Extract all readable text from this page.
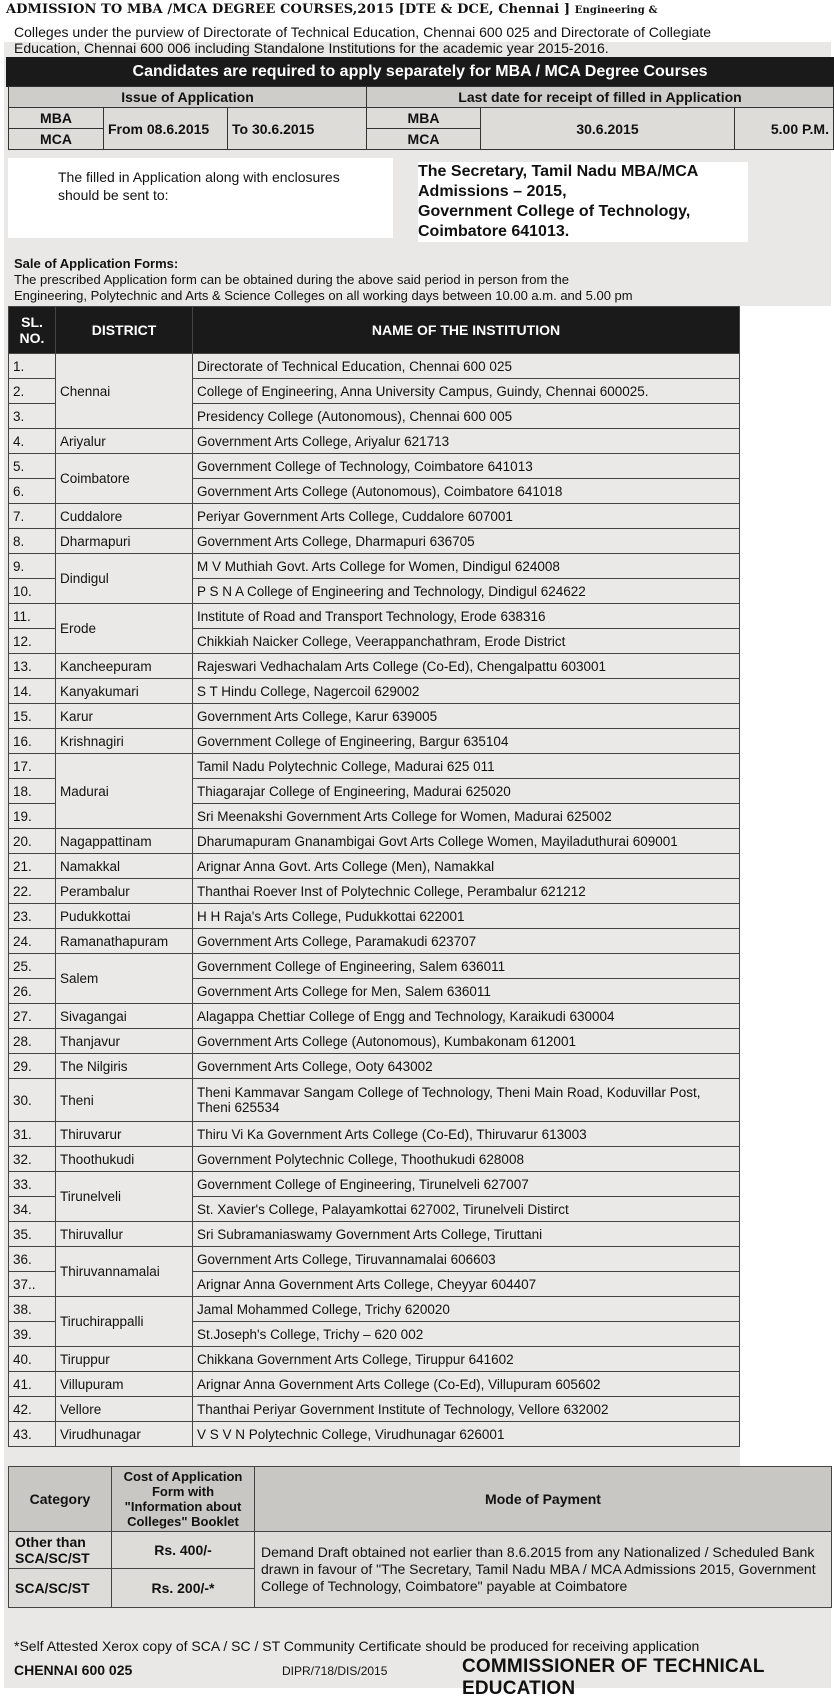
ADMISSION TO MBA /MCA DEGREE COURSES,2015 [DTE & DCE, Chennai ] Engineering &
Colleges under the purview of Directorate of Technical Education, Chennai 600 025 and Directorate of Collegiate
Education, Chennai 600 006 including Standalone Institutions for the academic year 2015-2016.
Candidates are required to apply separately for MBA / MCA Degree Courses
Issue of Application			Last date for receipt of filled in Application		
MBA	From 08.6.2015	To 30.6.2015	MBA	30.6.2015	5.00 P.M.
MCA			MCA		
The filled in Application along with enclosures should be sent to:
The Secretary, Tamil Nadu MBA/MCA
Admissions – 2015,
Government College of Technology,
Coimbatore 641013.
Sale of Application Forms:
The prescribed Application form can be obtained during the above said period in person from the
Engineering, Polytechnic and Arts & Science Colleges on all working days between 10.00 a.m. and 5.00 pm
SL. NO.	DISTRICT	NAME OF THE INSTITUTION
1.	Chennai	Directorate of Technical Education, Chennai 600 025
2.		College of Engineering, Anna University Campus, Guindy, Chennai 600025.
3.		Presidency College (Autonomous), Chennai 600 005
4.	Ariyalur	Government Arts College, Ariyalur 621713
5.	Coimbatore	Government College of Technology, Coimbatore 641013
6.		Government Arts College (Autonomous), Coimbatore 641018
7.	Cuddalore	Periyar Government Arts College, Cuddalore 607001
8.	Dharmapuri	Government Arts College, Dharmapuri 636705
9.	Dindigul	M V Muthiah Govt. Arts College for Women, Dindigul 624008
10.		P S N A College of Engineering and Technology, Dindigul 624622
11.	Erode	Institute of Road and Transport Technology, Erode 638316
12.		Chikkiah Naicker College, Veerappanchathram, Erode District
13.	Kancheepuram	Rajeswari Vedhachalam Arts College (Co-Ed), Chengalpattu 603001
14.	Kanyakumari	S T Hindu College, Nagercoil 629002
15.	Karur	Government Arts College, Karur 639005
16.	Krishnagiri	Government College of Engineering, Bargur 635104
17.	Madurai	Tamil Nadu Polytechnic College, Madurai 625 011
18.		Thiagarajar College of Engineering, Madurai 625020
19.		Sri Meenakshi Government Arts College for Women, Madurai 625002
20.	Nagappattinam	Dharumapuram Gnanambigai Govt Arts College Women, Mayiladuthurai 609001
21.	Namakkal	Arignar Anna Govt. Arts College (Men), Namakkal
22.	Perambalur	Thanthai Roever Inst of Polytechnic College, Perambalur 621212
23.	Pudukkottai	H H Raja's Arts College, Pudukkottai 622001
24.	Ramanathapuram	Government Arts College, Paramakudi 623707
25.	Salem	Government College of Engineering, Salem 636011
26.		Government Arts College for Men, Salem 636011
27.	Sivagangai	Alagappa Chettiar College of Engg and Technology, Karaikudi 630004
28.	Thanjavur	Government Arts College (Autonomous), Kumbakonam 612001
29.	The Nilgiris	Government Arts College, Ooty 643002
30.	Theni	Theni Kammavar Sangam College of Technology, Theni Main Road, Koduvillar Post, Theni 625534
31.	Thiruvarur	Thiru Vi Ka Government Arts College (Co-Ed), Thiruvarur 613003
32.	Thoothukudi	Government Polytechnic College, Thoothukudi 628008
33.	Tirunelveli	Government College of Engineering, Tirunelveli 627007
34.		St. Xavier's College, Palayamkottai 627002, Tirunelveli Distirct
35.	Thiruvallur	Sri Subramaniaswamy Government Arts College, Tiruttani
36.	Thiruvannamalai	Government Arts College, Tiruvannamalai 606603
37..		Arignar Anna Government Arts College, Cheyyar 604407
38.	Tiruchirappalli	Jamal Mohammed College, Trichy 620020
39.		St.Joseph's College, Trichy – 620 002
40.	Tiruppur	Chikkana Government Arts College, Tiruppur 641602
41.	Villupuram	Arignar Anna Government Arts College (Co-Ed), Villupuram 605602
42.	Vellore	Thanthai Periyar Government Institute of Technology, Vellore 632002
43.	Virudhunagar	V S V N Polytechnic College, Virudhunagar 626001
Category	Cost of Application Form with "Information about Colleges" Booklet	Mode of Payment
Other than SCA/SC/ST	Rs. 400/-	Demand Draft obtained not earlier than 8.6.2015 from any Nationalized / Scheduled Bank drawn in favour of "The Secretary, Tamil Nadu MBA / MCA Admissions 2015, Government College of Technology, Coimbatore" payable at Coimbatore
SCA/SC/ST	Rs. 200/-*	
*Self Attested Xerox copy of SCA / SC / ST Community Certificate should be produced for receiving application
CHENNAI 600 025	DIPR/718/DIS/2015	COMMISSIONER OF TECHNICAL EDUCATION
